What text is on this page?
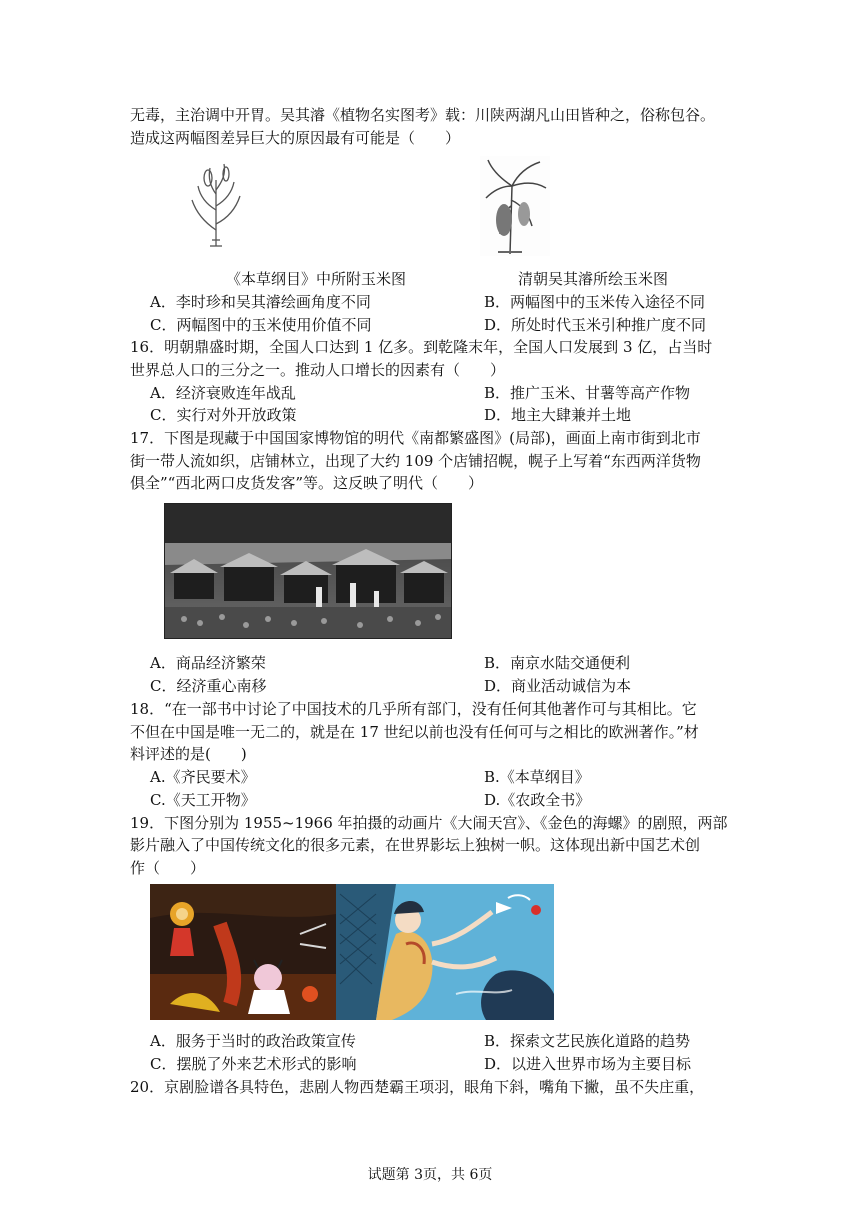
无毒，主治调中开胃。吴其濬《植物名实图考》载：川陕两湖凡山田皆种之，俗称包谷。
造成这两幅图差异巨大的原因最有可能是（　　）
《本草纲目》中所附玉米图	清朝吴其濬所绘玉米图
A．李时珍和吴其濬绘画角度不同	B．两幅图中的玉米传入途径不同
C．两幅图中的玉米使用价值不同	D．所处时代玉米引种推广度不同
16．明朝鼎盛时期，全国人口达到 1 亿多。到乾隆末年，全国人口发展到 3 亿，占当时
世界总人口的三分之一。推动人口增长的因素有（　　）
A．经济衰败连年战乱	B．推广玉米、甘薯等高产作物
C．实行对外开放政策	D．地主大肆兼并土地
17．下图是现藏于中国国家博物馆的明代《南都繁盛图》(局部)，画面上南市街到北市
街一带人流如织，店铺林立，出现了大约 109 个店铺招幌，幌子上写着“东西两洋货物
俱全”“西北两口皮货发客”等。这反映了明代（　　）
A．商品经济繁荣	B．南京水陆交通便利
C．经济重心南移	D．商业活动诚信为本
18．“在一部书中讨论了中国技术的几乎所有部门，没有任何其他著作可与其相比。它
不但在中国是唯一无二的，就是在 17 世纪以前也没有任何可与之相比的欧洲著作。”材
料评述的是(　　)
A.《齐民要术》	B.《本草纲目》
C.《天工开物》	D.《农政全书》
19．下图分别为 1955~1966 年拍摄的动画片《大闹天宫》、《金色的海螺》的剧照，两部
影片融入了中国传统文化的很多元素，在世界影坛上独树一帜。这体现出新中国艺术创
作（　　）
A．服务于当时的政治政策宣传	B．探索文艺民族化道路的趋势
C．摆脱了外来艺术形式的影响	D．以进入世界市场为主要目标
20．京剧脸谱各具特色，悲剧人物西楚霸王项羽，眼角下斜，嘴角下撇，虽不失庄重，
试题第 3页，共 6页
